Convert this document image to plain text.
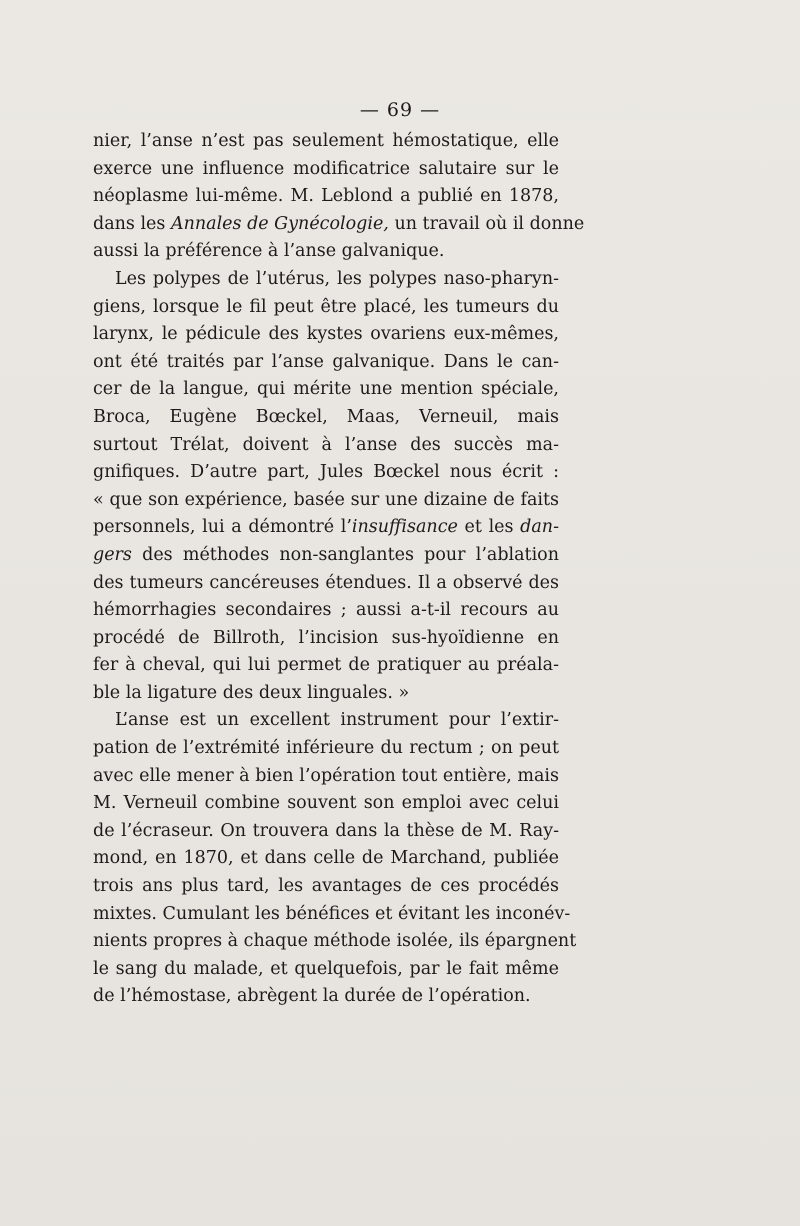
— 69 —
nier, l’anse n’est pas seulement hémostatique, elle
exerce une influence modificatrice salutaire sur le
néoplasme lui-même. M. Leblond a publié en 1878,
dans les Annales de Gynécologie, un travail où il donne
aussi la préférence à l’anse galvanique.
Les polypes de l’utérus, les polypes naso-pharyn-
giens, lorsque le fil peut être placé, les tumeurs du
larynx, le pédicule des kystes ovariens eux-mêmes,
ont été traités par l’anse galvanique. Dans le can-
cer de la langue, qui mérite une mention spéciale,
Broca, Eugène Bœckel, Maas, Verneuil, mais
surtout Trélat, doivent à l’anse des succès ma-
gnifiques. D’autre part, Jules Bœckel nous écrit :
« que son expérience, basée sur une dizaine de faits
personnels, lui a démontré l’insuffisance et les dan-
gers des méthodes non-sanglantes pour l’ablation
des tumeurs cancéreuses étendues. Il a observé des
hémorrhagies secondaires ; aussi a-t-il recours au
procédé de Billroth, l’incision sus-hyoïdienne en
fer à cheval, qui lui permet de pratiquer au préala-
ble la ligature des deux linguales. »
L’anse est un excellent instrument pour l’extir-
pation de l’extrémité inférieure du rectum ; on peut
avec elle mener à bien l’opération tout entière, mais
M. Verneuil combine souvent son emploi avec celui
de l’écraseur. On trouvera dans la thèse de M. Ray-
mond, en 1870, et dans celle de Marchand, publiée
trois ans plus tard, les avantages de ces procédés
mixtes. Cumulant les bénéfices et évitant les inconév-
nients propres à chaque méthode isolée, ils épargnent
le sang du malade, et quelquefois, par le fait même
de l’hémostase, abrègent la durée de l’opération.
